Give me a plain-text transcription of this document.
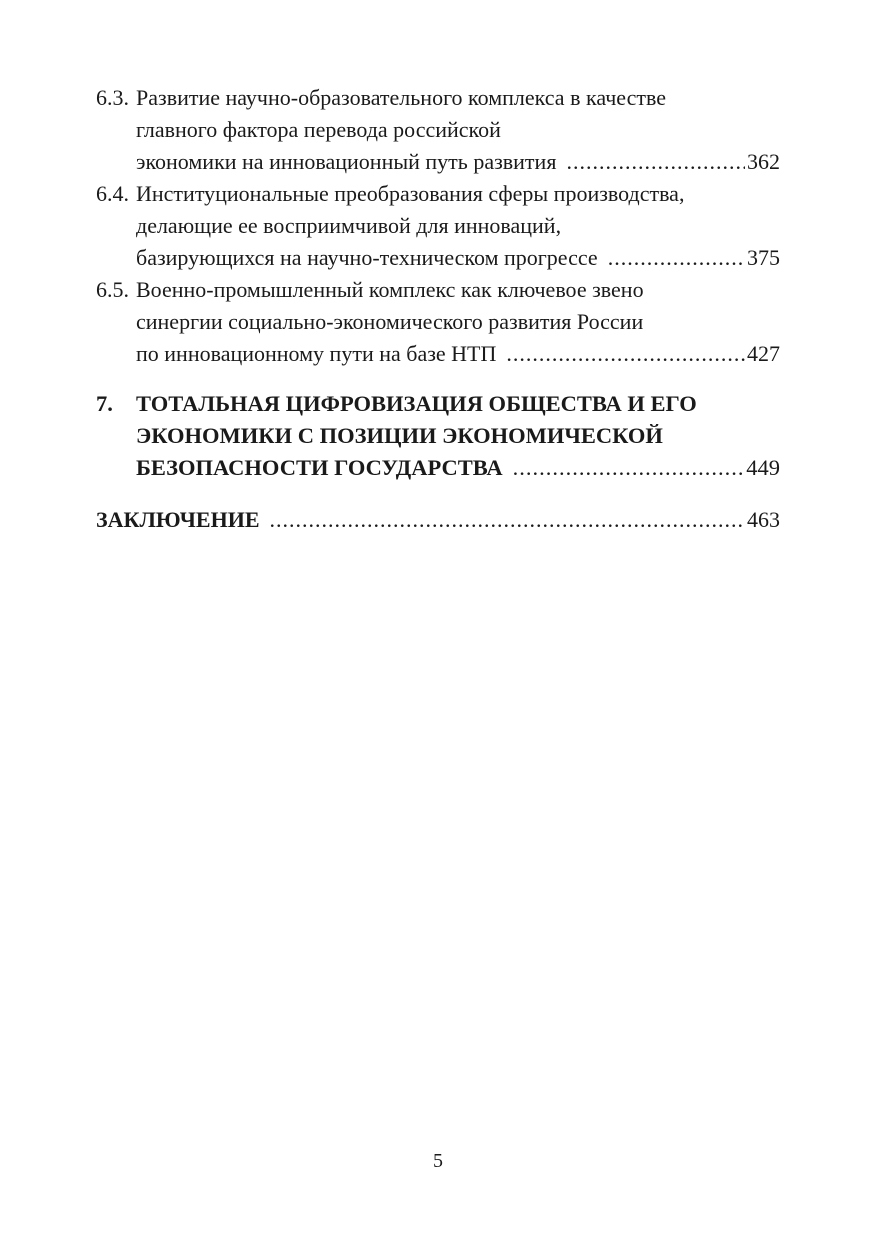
6.3. Развитие научно-образовательного комплекса в качестве
главного фактора перевода российской
экономики на инновационный путь развития .....	362
6.4. Институциональные преобразования сферы производства,
делающие ее восприимчивой для инноваций,
базирующихся на научно-техническом прогрессе .....	375
6.5. Военно-промышленный комплекс как ключевое звено
синергии социально-экономического развития России
по инновационному пути на базе НТП .....	427
7.	ТОТАЛЬНАЯ ЦИФРОВИЗАЦИЯ ОБЩЕСТВА И ЕГО
ЭКОНОМИКИ С ПОЗИЦИИ ЭКОНОМИЧЕСКОЙ
БЕЗОПАСНОСТИ ГОСУДАРСТВА .....	449
ЗАКЛЮЧЕНИЕ .....	463
5
